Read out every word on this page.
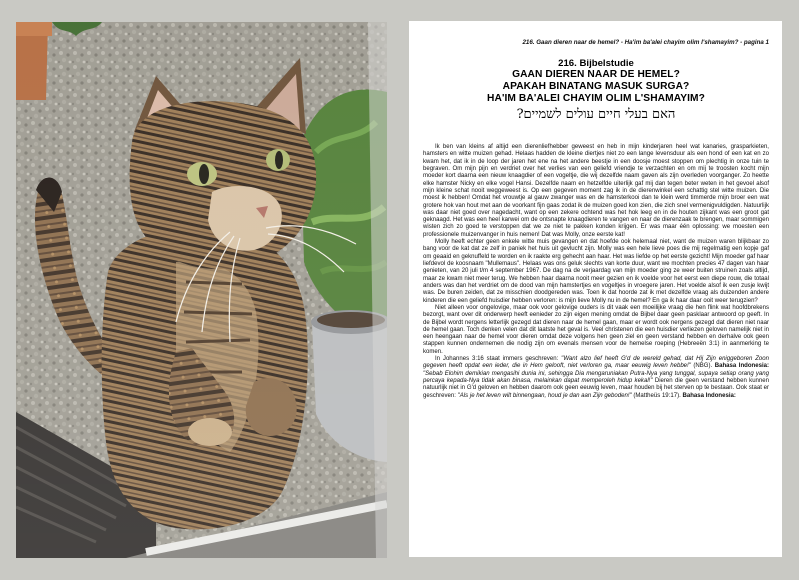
216. Gaan dieren naar de hemel? - Ha'im ba'alei chayim olim l'shamayim? - pagina 1
216. Bijbelstudie
GAAN DIEREN NAAR DE HEMEL?
APAKAH BINATANG MASUK SURGA?
HA'IM BA'ALEI CHAYIM OLIM L'SHAMAYIM?
האם בעלי חיים עולים לשמיים?

Ik ben van kleins af altijd een dierenliefhebber geweest en heb in mijn kinderjaren heel wat kanaries, grasparkieten, hamsters en witte muizen gehad. Helaas hadden de kleine diertjes niet zo een lange levensduur als een hond of een kat en zo kwam het, dat ik in de loop der jaren het ene na het andere beestje in een doosje moest stoppen om plechtig in onze tuin te begraven. Om mijn pijn en verdriet over het verlies van een geliefd vriendje te verzachten en om mij te troosten kocht mijn moeder kort daarna een nieuw knaagdier of een vogeltje, die wij dezelfde naam gaven als zijn overleden voorganger. Zo heette elke hamster Nicky en elke vogel Hansi. Dezelfde naam en hetzelfde uiterlijk gaf mij dan tegen beter weten in het gevoel alsof mijn kleine schat nooit weggeweest is. Op een gegeven moment zag ik in de dierenwinkel een schattig stel witte muizen. Die moest ik hebben! Omdat het vrouwtje al gauw zwanger was en de hamsterkooi dan te klein werd timmerde mijn broer een wat grotere hok van hout met aan de voorkant fijn gaas zodat ik de muizen goed kon zien, die zich snel vermenigvuldigden. Natuurlijk was daar niet goed over nagedacht, want op een zekere ochtend was het hok leeg en in de houten zijkant was een groot gat geknaagd. Het was een heel karwei om de ontsnapte knaagdieren te vangen en naar de dierenzaak te brengen, maar sommigen wisten zich zo goed te verstoppen dat we ze niet te pakken konden krijgen. Er was maar één oplossing: we moesten een professionele muizenvanger in huis nemen! Dat was Molly, onze eerste kat!

Molly heeft echter geen enkele witte muis gevangen en dat hoefde ook helemaal niet, want de muizen waren blijkbaar zo bang voor de kat dat ze zelf in paniek het huis uit gevlucht zijn. Molly was een hele lieve poes die mij regelmatig een kopje gaf om geaaid en geknuffeld te worden en ik raakte erg gehecht aan haar. Het was liefde op het eerste gezicht! Mijn moeder gaf haar liefdevol de koosnaam "Mullemaus". Helaas was ons geluk slechts van korte duur, want we mochten precies 47 dagen van haar genieten, van 20 juli t/m 4 september 1967. De dag na de verjaardag van mijn moeder ging ze weer buiten struinen zoals altijd, maar ze kwam niet meer terug. We hebben haar daarna nooit meer gezien en ik voelde voor het eerst een diepe rouw, die totaal anders was dan het verdriet om de dood van mijn hamstertjes en vogeltjes in vroegere jaren. Het voelde alsof ik een zusje kwijt was. De buren zeiden, dat ze misschien doodgereden was. Toen ik dat hoorde zat ik met dezelfde vraag als duizenden andere kinderen die een geliefd huisdier hebben verloren: is mijn lieve Molly nu in de hemel? En ga ik haar daar ooit weer terugzien?

Niet alleen voor ongelovige, maar ook voor gelovige ouders is dit vaak een moeilijke vraag die hen flink wat hoofdbrekens bezorgt, want over dit onderwerp heeft eenieder zo zijn eigen mening omdat de Bijbel daar geen pasklaar antwoord op geeft. In de Bijbel wordt nergens letterlijk gezegd dat dieren naar de hemel gaan, maar er wordt ook nergens gezegd dat dieren niet naar de hemel gaan. Toch denken velen dat dit laatste het geval is. Veel christenen die een huisdier verliezen geloven namelijk niet in een heengaan naar de hemel voor dieren omdat deze volgens hen geen ziel en geen verstand hebben en derhalve ook geen stappen kunnen ondernemen die nodig zijn om evenals mensen voor de hemelse roeping (Hebreeën 3:1) in aanmerking te komen.

In Johannes 3:16 staat immers geschreven: "Want alzo lief heeft G'd de wereld gehad, dat Hij Zijn eniggeboren Zoon gegeven heeft opdat een ieder, die in Hem gelooft, niet verloren ga, maar eeuwig leven hebbe!" (NBG). Bahasa Indonesia: "Sebab Elohim demikian mengasihi dunia ini, sehingga Dia mengaruniakan Putra-Nya yang tunggal, supaya setiap orang yang percaya kepada-Nya tidak akan binasa, melainkan dapat memperoleh hidup kekal!" Dieren die geen verstand hebben kunnen natuurlijk niet in G'd geloven en hebben daarom ook geen eeuwig leven, maar houden bij het sterven op te bestaan. Ook staat er geschreven: "Als je het leven wilt binnengaan, houd je dan aan Zijn geboden!" (Mattheüs 19:17). Bahasa Indonesia:
